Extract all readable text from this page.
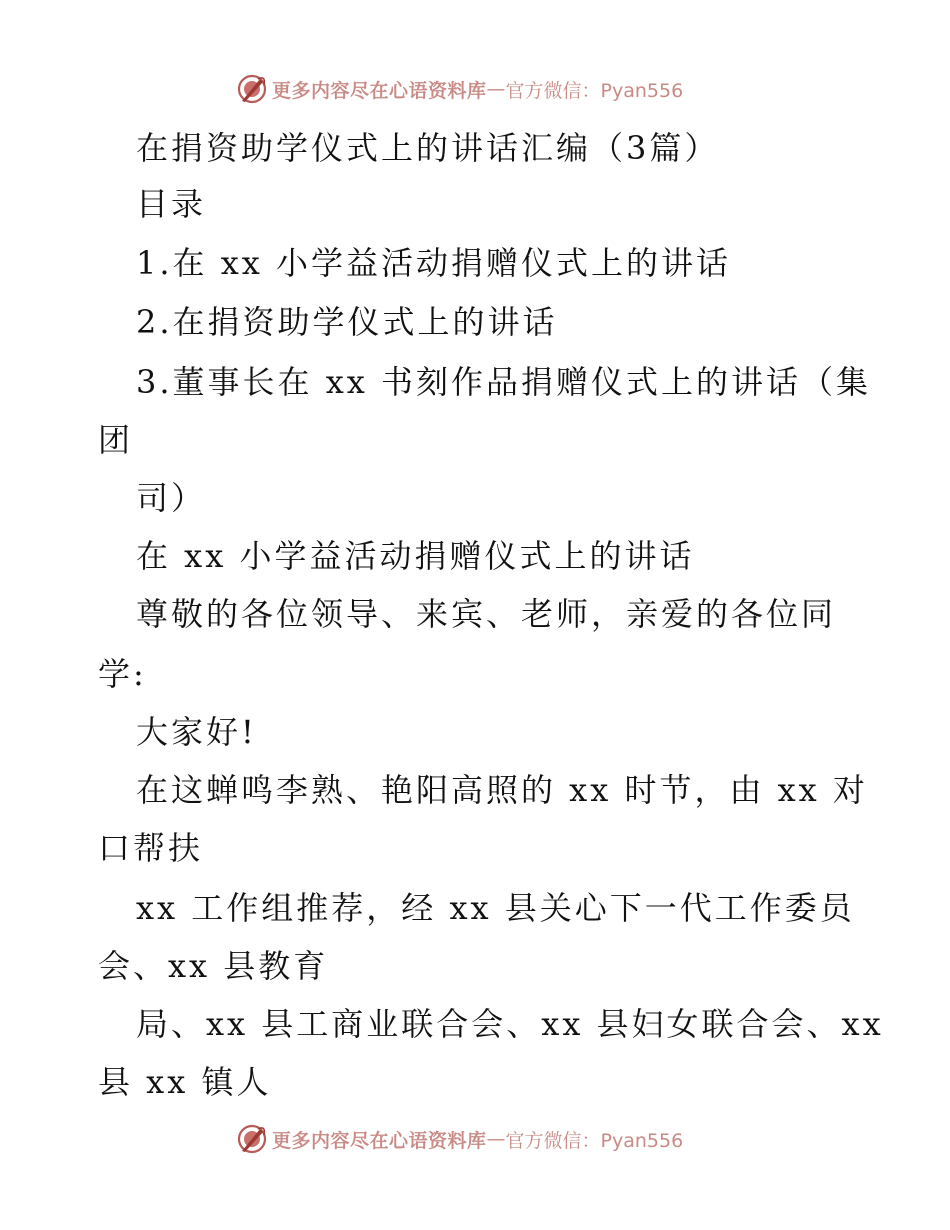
更多内容尽在心语资料库 — 官方微信：Pyan556
在捐资助学仪式上的讲话汇编（3篇）
目录
1.在 xx 小学益活动捐赠仪式上的讲话
2.在捐资助学仪式上的讲话
3.董事长在 xx 书刻作品捐赠仪式上的讲话（集
团
司）
在 xx 小学益活动捐赠仪式上的讲话
尊敬的各位领导、来宾、老师，亲爱的各位同
学:
大家好!
在这蝉鸣李熟、艳阳高照的 xx 时节，由 xx 对
口帮扶
xx 工作组推荐，经 xx 县关心下一代工作委员
会、xx 县教育
局、xx 县工商业联合会、xx 县妇女联合会、xx
县 xx 镇人
更多内容尽在心语资料库 — 官方微信：Pyan556
